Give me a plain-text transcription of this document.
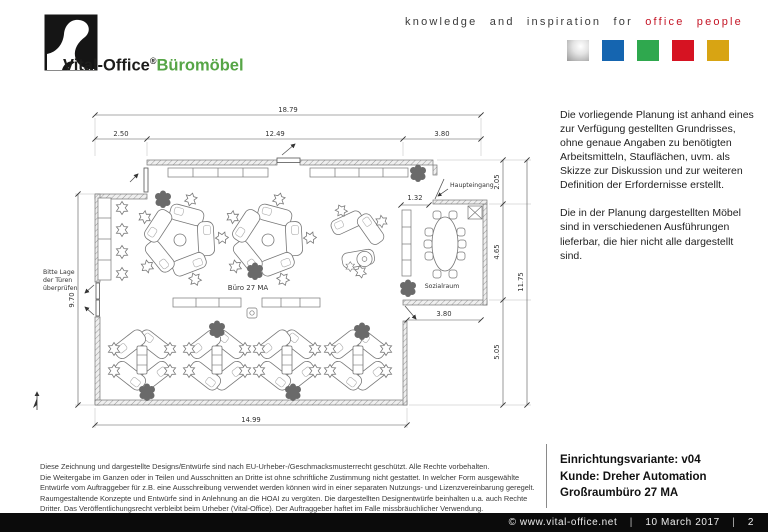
Vital-Office®Büromöbel
knowledge and inspiration for office people

Die vorliegende Planung ist anhand eines zur Verfügung gestellten Grundrisses, ohne genaue Angaben zu benötigten Arbeitsmitteln, Stauflächen, uvm. als Skizze zur Diskussion und zur weiteren Definition der Erfordernisse erstellt.

Die in der Planung dargestellten Möbel sind in verschiedenen Ausführungen lieferbar, die hier nicht alle dargestellt sind.

18.79
2.50	12.49	3.80
9.70
2.05
4.65
5.05
11.75
14.99
1.32
3.80
Büro 27 MA	Sozialraum
Haupteingang
Bitte Lage
der Türen
überprüfen
Diese Zeichnung und dargestellte Designs/Entwürfe sind nach EU-Urheber-/Geschmacksmusterrecht geschützt. Alle Rechte vorbehalten.
Die Weitergabe im Ganzen oder in Teilen und Ausschnitten an Dritte ist ohne schriftliche Zustimmung nicht gestattet. In welcher Form ausgewählte
Entwürfe vom Auftraggeber für z.B. eine Ausschreibung verwendet werden können wird in einer separaten Nutzungs- und Lizenzvereinbarung geregelt.
Raumgestaltende Konzepte und Entwürfe sind in Anlehnung an die HOAI zu vergüten. Die dargestellten Designentwürfe beinhalten u.a. auch Rechte
Dritter. Das Veröffentlichungsrecht verbleibt beim Urheber (Vital-Office). Der Auftraggeber haftet im Falle missbräuchlicher Verwendung.
Einrichtungsvariante: v04
Kunde: Dreher Automation
Großraumbüro 27 MA
© www.vital-office.net | 10 March 2017 | 2
